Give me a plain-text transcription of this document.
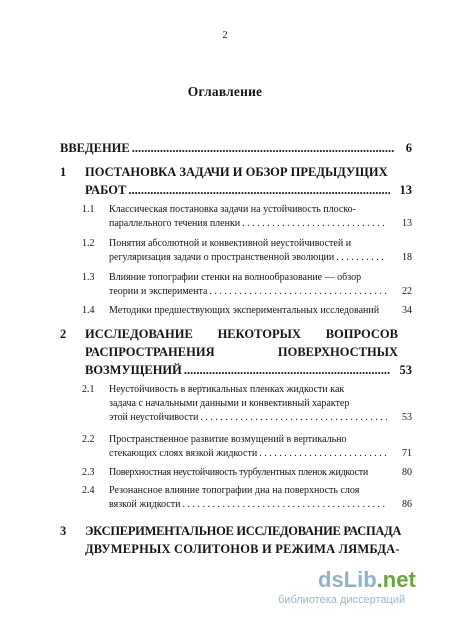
2
Оглавление
ВВЕДЕНИЕ .....	6
1 ПОСТАНОВКА ЗАДАЧИ И ОБЗОР ПРЕДЫДУЩИХ
РАБОТ .....	13
1.1 Классическая постановка задачи на устойчивость плоско-
параллельного течения пленки . . .	13
1.2 Понятия абсолютной и конвективной неустойчивостей и
регуляризация задачи о пространственной эволюции . . .	18
1.3 Влияние топографии стенки на волнообразование — обзор
теории и эксперимента . . .	22
1.4 Методики предшествующих экспериментальных исследований 34
2 ИССЛЕДОВАНИЕ НЕКОТОРЫХ ВОПРОСОВ
РАСПРОСТРАНЕНИЯ	ПОВЕРХНОСТНЫХ
ВОЗМУЩЕНИЙ .....	53
2.1 Неустойчивость в вертикальных пленках жидкости как
задача с начальными данными и конвективный характер
этой неустойчивости . . .	53
2.2 Пространственное развитие возмущений в вертикально
стекающих слоях вязкой жидкости . . .	71
2.3 Поверхностная неустойчивость турбулентных пленок жидкости	80
2.4 Резонансное влияние топографии дна на поверхность слоя
вязкой жидкости . . .	86
3 ЭКСПЕРИМЕНТАЛЬНОЕ ИССЛЕДОВАНИЕ РАСПАДА
ДВУМЕРНЫХ СОЛИТОНОВ И РЕЖИМА ЛЯМБДА-
dsLib.net
библиотека диссертаций
